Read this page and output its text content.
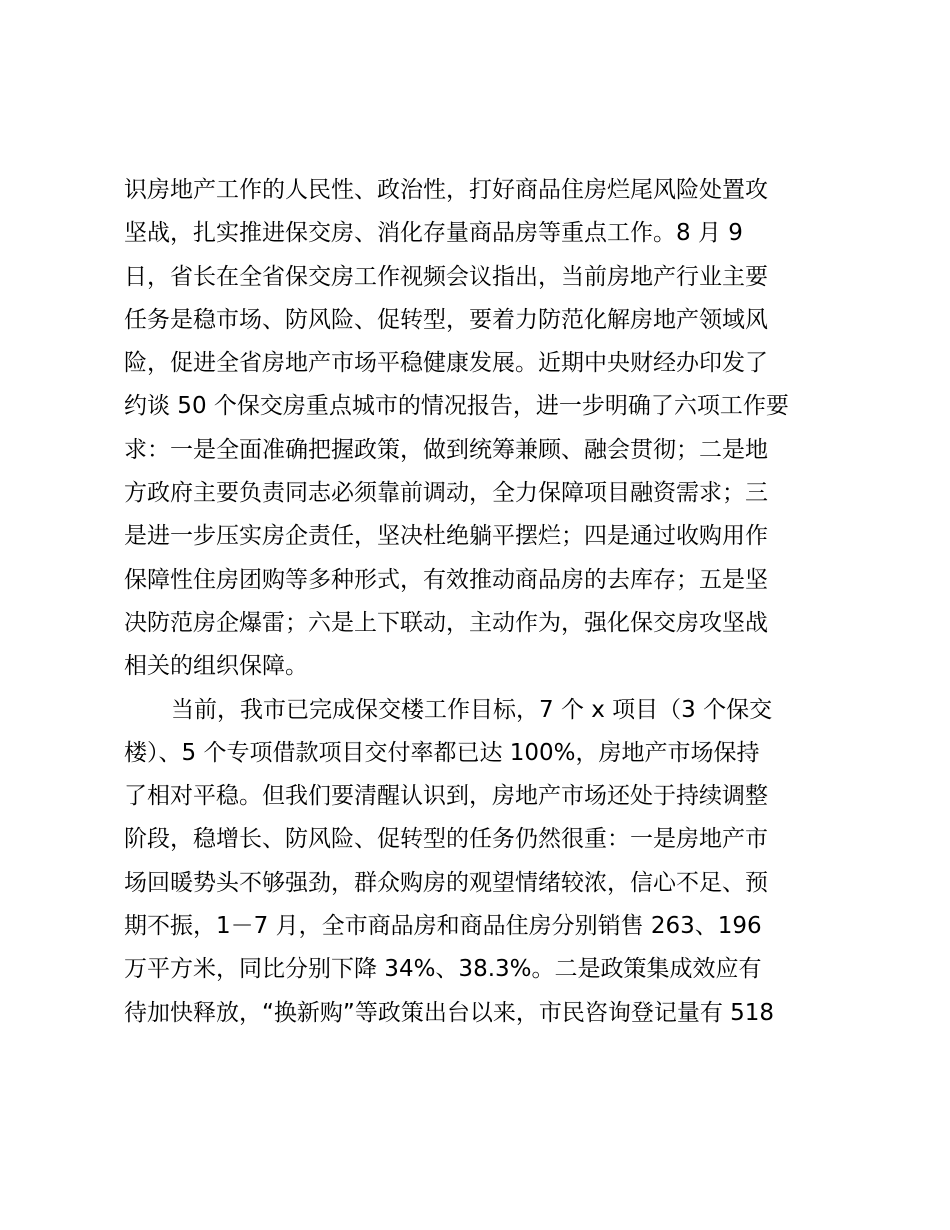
识房地产工作的人民性、政治性，打好商品住房烂尾风险处置攻
坚战，扎实推进保交房、消化存量商品房等重点工作。8 月 9
日，省长在全省保交房工作视频会议指出，当前房地产行业主要
任务是稳市场、防风险、促转型，要着力防范化解房地产领域风
险，促进全省房地产市场平稳健康发展。近期中央财经办印发了
约谈 50 个保交房重点城市的情况报告，进一步明确了六项工作要
求：一是全面准确把握政策，做到统筹兼顾、融会贯彻；二是地
方政府主要负责同志必须靠前调动，全力保障项目融资需求；三
是进一步压实房企责任，坚决杜绝躺平摆烂；四是通过收购用作
保障性住房团购等多种形式，有效推动商品房的去库存；五是坚
决防范房企爆雷；六是上下联动，主动作为，强化保交房攻坚战
相关的组织保障。
当前，我市已完成保交楼工作目标，7 个 x 项目（3 个保交
楼）、5 个专项借款项目交付率都已达 100%，房地产市场保持
了相对平稳。但我们要清醒认识到，房地产市场还处于持续调整
阶段，稳增长、防风险、促转型的任务仍然很重：一是房地产市
场回暖势头不够强劲，群众购房的观望情绪较浓，信心不足、预
期不振，1－7 月，全市商品房和商品住房分别销售 263、196
万平方米，同比分别下降 34%、38.3%。二是政策集成效应有
待加快释放，“换新购”等政策出台以来，市民咨询登记量有 518
